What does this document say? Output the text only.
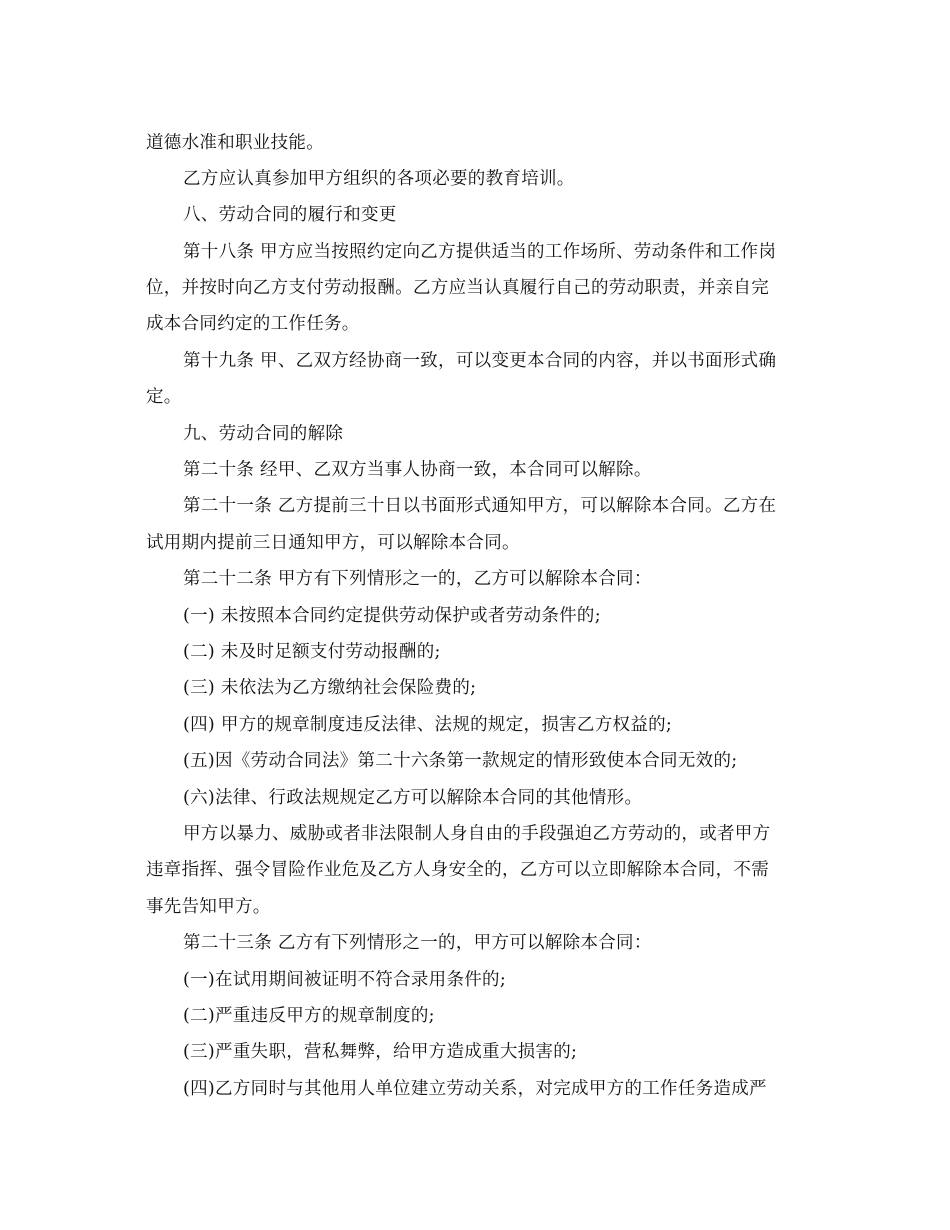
道德水准和职业技能。
乙方应认真参加甲方组织的各项必要的教育培训。
八、劳动合同的履行和变更
第十八条 甲方应当按照约定向乙方提供适当的工作场所、劳动条件和工作岗
位，并按时向乙方支付劳动报酬。乙方应当认真履行自己的劳动职责，并亲自完
成本合同约定的工作任务。
第十九条 甲、乙双方经协商一致，可以变更本合同的内容，并以书面形式确
定。
九、劳动合同的解除
第二十条 经甲、乙双方当事人协商一致，本合同可以解除。
第二十一条 乙方提前三十日以书面形式通知甲方，可以解除本合同。乙方在
试用期内提前三日通知甲方，可以解除本合同。
第二十二条 甲方有下列情形之一的，乙方可以解除本合同：
(一) 未按照本合同约定提供劳动保护或者劳动条件的;
(二) 未及时足额支付劳动报酬的;
(三) 未依法为乙方缴纳社会保险费的;
(四) 甲方的规章制度违反法律、法规的规定，损害乙方权益的;
(五)因《劳动合同法》第二十六条第一款规定的情形致使本合同无效的;
(六)法律、行政法规规定乙方可以解除本合同的其他情形。
甲方以暴力、威胁或者非法限制人身自由的手段强迫乙方劳动的，或者甲方
违章指挥、强令冒险作业危及乙方人身安全的，乙方可以立即解除本合同，不需
事先告知甲方。
第二十三条 乙方有下列情形之一的，甲方可以解除本合同：
(一)在试用期间被证明不符合录用条件的;
(二)严重违反甲方的规章制度的;
(三)严重失职，营私舞弊，给甲方造成重大损害的;
(四)乙方同时与其他用人单位建立劳动关系，对完成甲方的工作任务造成严
